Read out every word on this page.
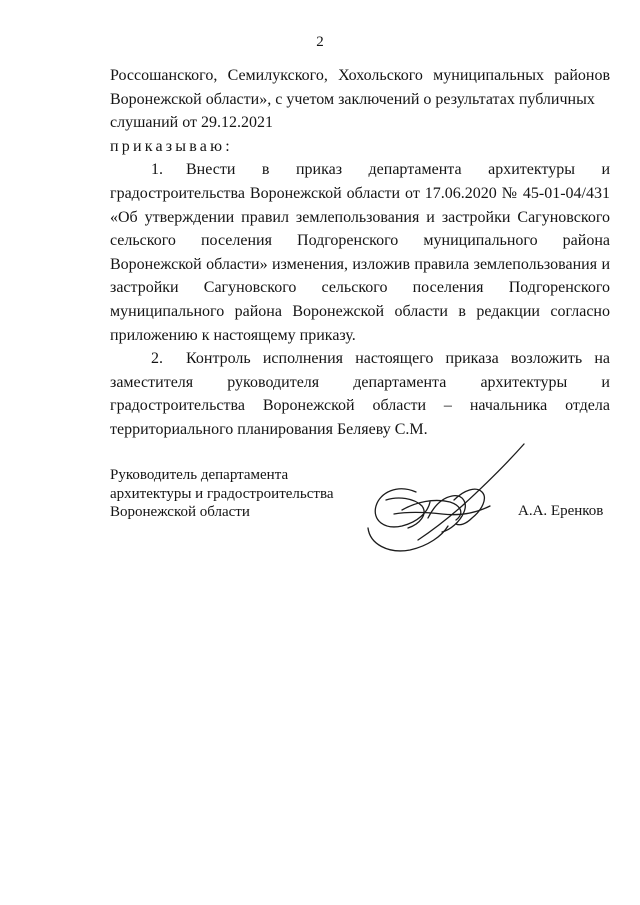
2

Россошанского, Семилукского, Хохольского муниципальных районов Воронежской области», с учетом заключений о результатах публичных
слушаний от 29.12.2021

приказываю:

1. Внести в приказ департамента архитектуры и градостроительства Воронежской области от 17.06.2020 № 45-01-04/431 «Об утверждении правил землепользования и застройки Сагуновского сельского поселения Подгоренского муниципального района Воронежской области» изменения, изложив правила землепользования и застройки Сагуновского сельского поселения Подгоренского муниципального района Воронежской области в редакции согласно приложению к настоящему приказу.

2. Контроль исполнения настоящего приказа возложить на заместителя руководителя департамента архитектуры и градостроительства Воронежской области – начальника отдела территориального планирования Беляеву С.М.

Руководитель департамента
архитектуры и градостроительства
Воронежской области	А.А. Еренков
